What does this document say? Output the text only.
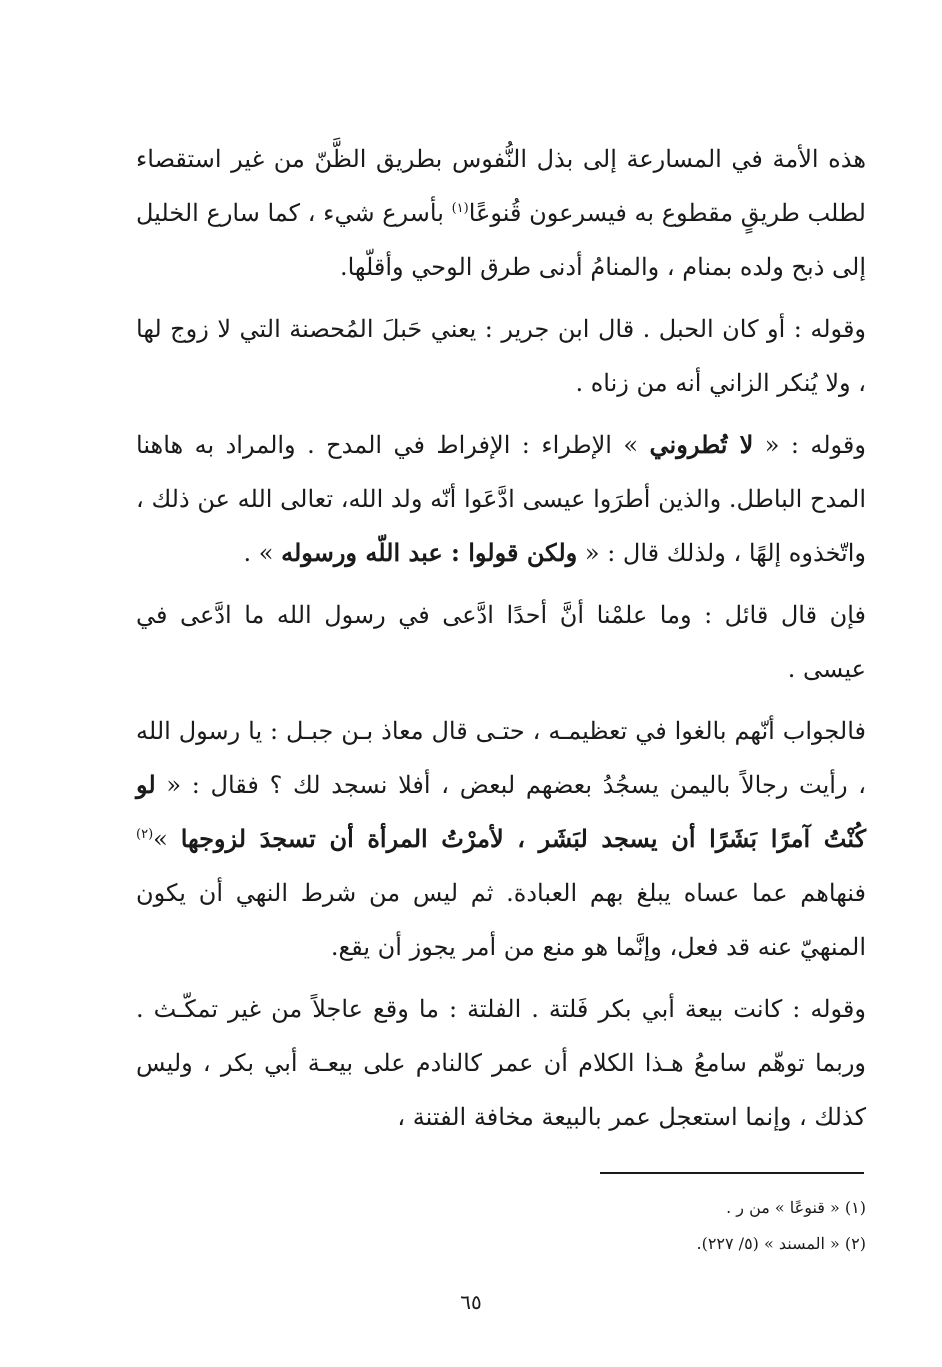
هذه الأمة في المسارعة إلى بذل النُّفوس بطريق الظَّنّ من غير استقصاء لطلب طريقٍ مقطوع به فيسرعون قُنوعًا$^{(١)}$ بأسرع شيء ، كما سارع الخليل إلى ذبح ولده بمنام ، والمنامُ أدنى طرق الوحي وأقلّها.

وقوله : أو كان الحبل . قال ابن جرير : يعني حَبلَ المُحصنة التي لا زوج لها ، ولا يُنكر الزاني أنه من زناه .

وقوله : « لا تُطروني » الإطراء : الإفراط في المدح . والمراد به هاهنا المدح الباطل. والذين أطرَوا عيسى ادَّعَوا أنّه ولد الله، تعالى الله عن ذلك ، واتّخذوه إلهًا ، ولذلك قال : « ولكن قولوا : عبد اللّه ورسوله » .

فإن قال قائل : وما علمْنا أنَّ أحدًا ادَّعى في رسول الله ما ادَّعى في عيسى .

فالجواب أنّهم بالغوا في تعظيمـه ، حتـى قال معاذ بـن جبـل : يا رسول الله ، رأيت رجالاً باليمن يسجُدُ بعضهم لبعض ، أفلا نسجد لك ؟ فقال : « لو كُنْتُ آمرًا بَشَرًا أن يسجد لبَشَر ، لأمرْتُ المرأة أن تسجدَ لزوجها »$^{(٢)}$ فنهاهم عما عساه يبلغ بهم العبادة. ثم ليس من شرط النهي أن يكون المنهيّ عنه قد فعل، وإنَّما هو منع من أمر يجوز أن يقع.

وقوله : كانت بيعة أبي بكر فَلتة . الفلتة : ما وقع عاجلاً من غير تمكّـث . وربما توهّم سامعُ هـذا الكلام أن عمر كالنادم على بيعـة أبي بكر ، وليس كذلك ، وإنما استعجل عمر بالبيعة مخافة الفتنة ،

(١) « قنوعًا » من ر .

(٢) « المسند » (٥/ ٢٢٧).

٦٥
